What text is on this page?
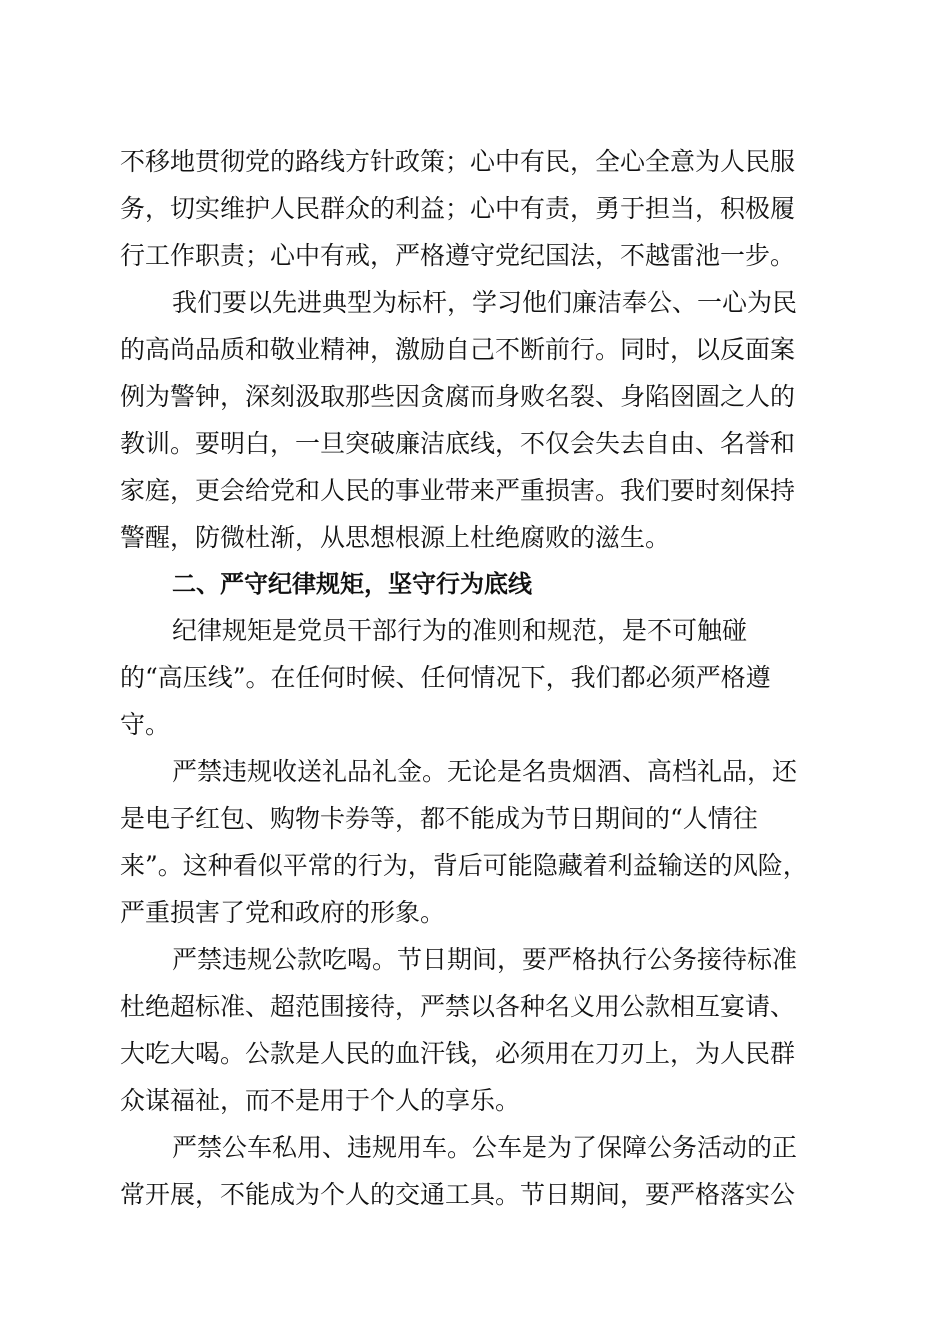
不移地贯彻党的路线方针政策；心中有民，全心全意为人民服
务，切实维护人民群众的利益；心中有责，勇于担当，积极履
行工作职责；心中有戒，严格遵守党纪国法，不越雷池一步。
我们要以先进典型为标杆，学习他们廉洁奉公、一心为民
的高尚品质和敬业精神，激励自己不断前行。同时，以反面案
例为警钟，深刻汲取那些因贪腐而身败名裂、身陷囹圄之人的
教训。要明白，一旦突破廉洁底线，不仅会失去自由、名誉和
家庭，更会给党和人民的事业带来严重损害。我们要时刻保持
警醒，防微杜渐，从思想根源上杜绝腐败的滋生。
二、严守纪律规矩，坚守行为底线
纪律规矩是党员干部行为的准则和规范，是不可触碰
的“高压线”。在任何时候、任何情况下，我们都必须严格遵
守。
严禁违规收送礼品礼金。无论是名贵烟酒、高档礼品，还
是电子红包、购物卡券等，都不能成为节日期间的“人情往
来”。这种看似平常的行为，背后可能隐藏着利益输送的风险，
严重损害了党和政府的形象。
严禁违规公款吃喝。节日期间，要严格执行公务接待标准
杜绝超标准、超范围接待，严禁以各种名义用公款相互宴请、
大吃大喝。公款是人民的血汗钱，必须用在刀刃上，为人民群
众谋福祉，而不是用于个人的享乐。
严禁公车私用、违规用车。公车是为了保障公务活动的正
常开展，不能成为个人的交通工具。节日期间，要严格落实公
